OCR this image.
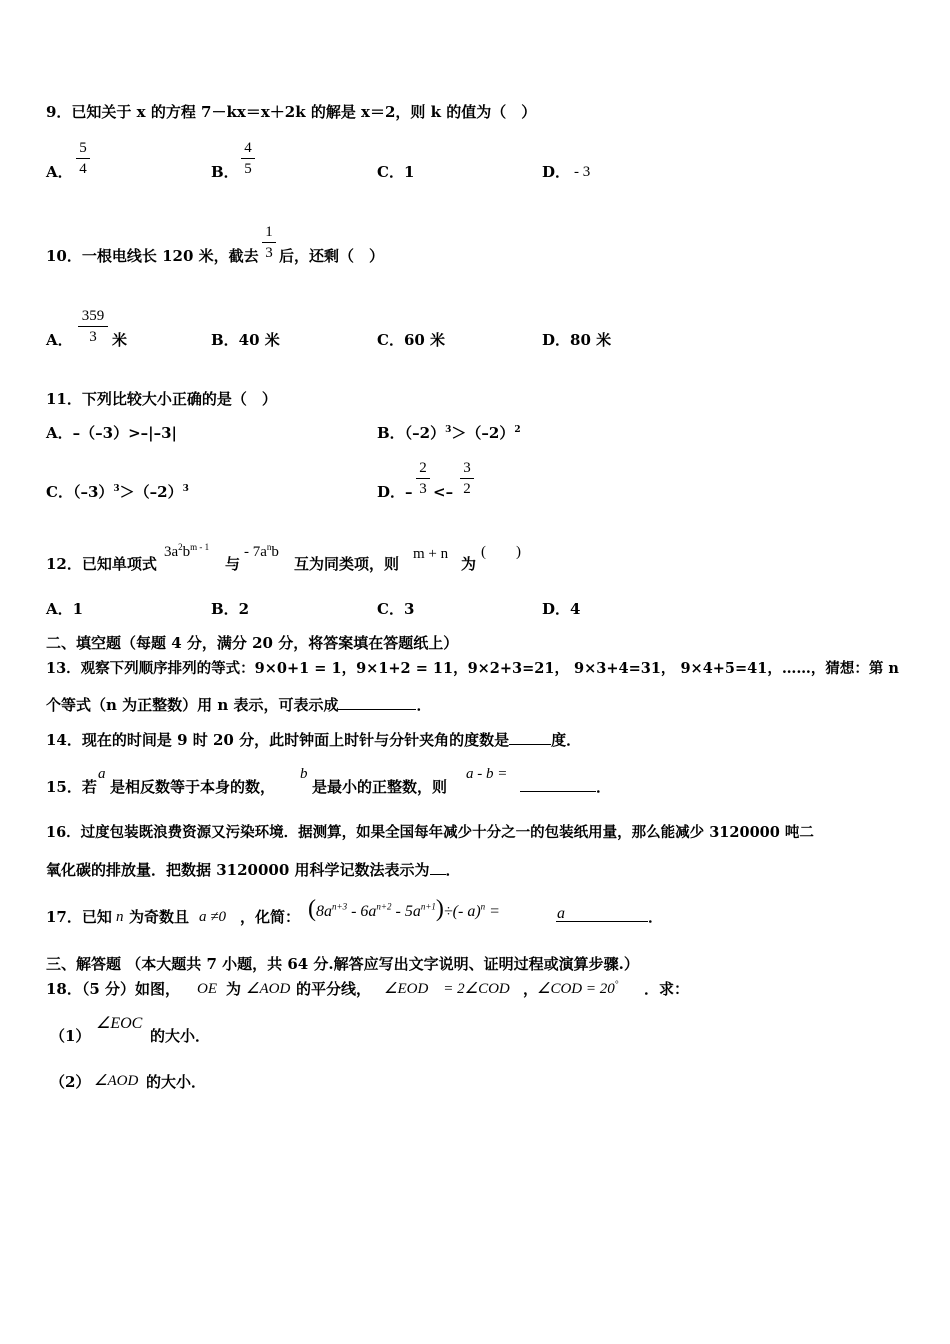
9．已知关于 x 的方程 7－kx＝x＋2k 的解是 x＝2，则 k 的值为（　）
A． $\frac{5}{4}$	B． $\frac{4}{5}$	C．1	D． - 3
10．一根电线长 120 米，截去 $\frac{1}{3}$ 后，还剩（　）
A． $\frac{359}{3}$ 米	B．40 米	C．60 米	D．80 米
11．下列比较大小正确的是（　）
A．–（–3）>–|–3|	B．$(-2)^3>(-2)^2$
C．$(-3)^3>(-2)^3$	D．– $\frac{2}{3} <- \frac{3}{2}$
12．已知单项式
$3a^2b^{m - 1}$
与
- $7a^nb$
互为同类项，则
m + n
为
(　　)
A．1	B．2	C．3	D．4
二、填空题（每题 4 分，满分 20 分，将答案填在答题纸上）
13．观察下列顺序排列的等式：9×0+1 = 1，9×1+2 = 11，9×2+3=21， 9×3+4=31， 9×4+5=41，……，猜想：第 n
个等式（n 为正整数）用 n 表示，可表示成	．
14．现在的时间是 9 时 20 分，此时钟面上时针与分针夹角的度数是	度．
15．若
a
是相反数等于本身的数，
b
是最小的正整数，则
a - b =
．
16．过度包装既浪费资源又污染环境．据测算，如果全国每年减少十分之一的包装纸用量，那么能减少 3120000 吨二
氧化碳的排放量．把数据 3120000 用科学记数法表示为 ．
17．已知 n 为奇数且 a ≠0 ，化简： $(8a^{n+3} - 6a^{n+2} - 5a^{n+1})\div(-$ a)$^n$ =	a	．
三、解答题 （本大题共 7 小题，共 64 分.解答应写出文字说明、证明过程或演算步骤.）
18．（5 分）如图， OE 为 ∠AOD 的平分线， ∠EOD　= 2∠COD ，
∠COD = 20° ．求：
（1）
∠EOC
的大小．
（2） ∠AOD 的大小．
